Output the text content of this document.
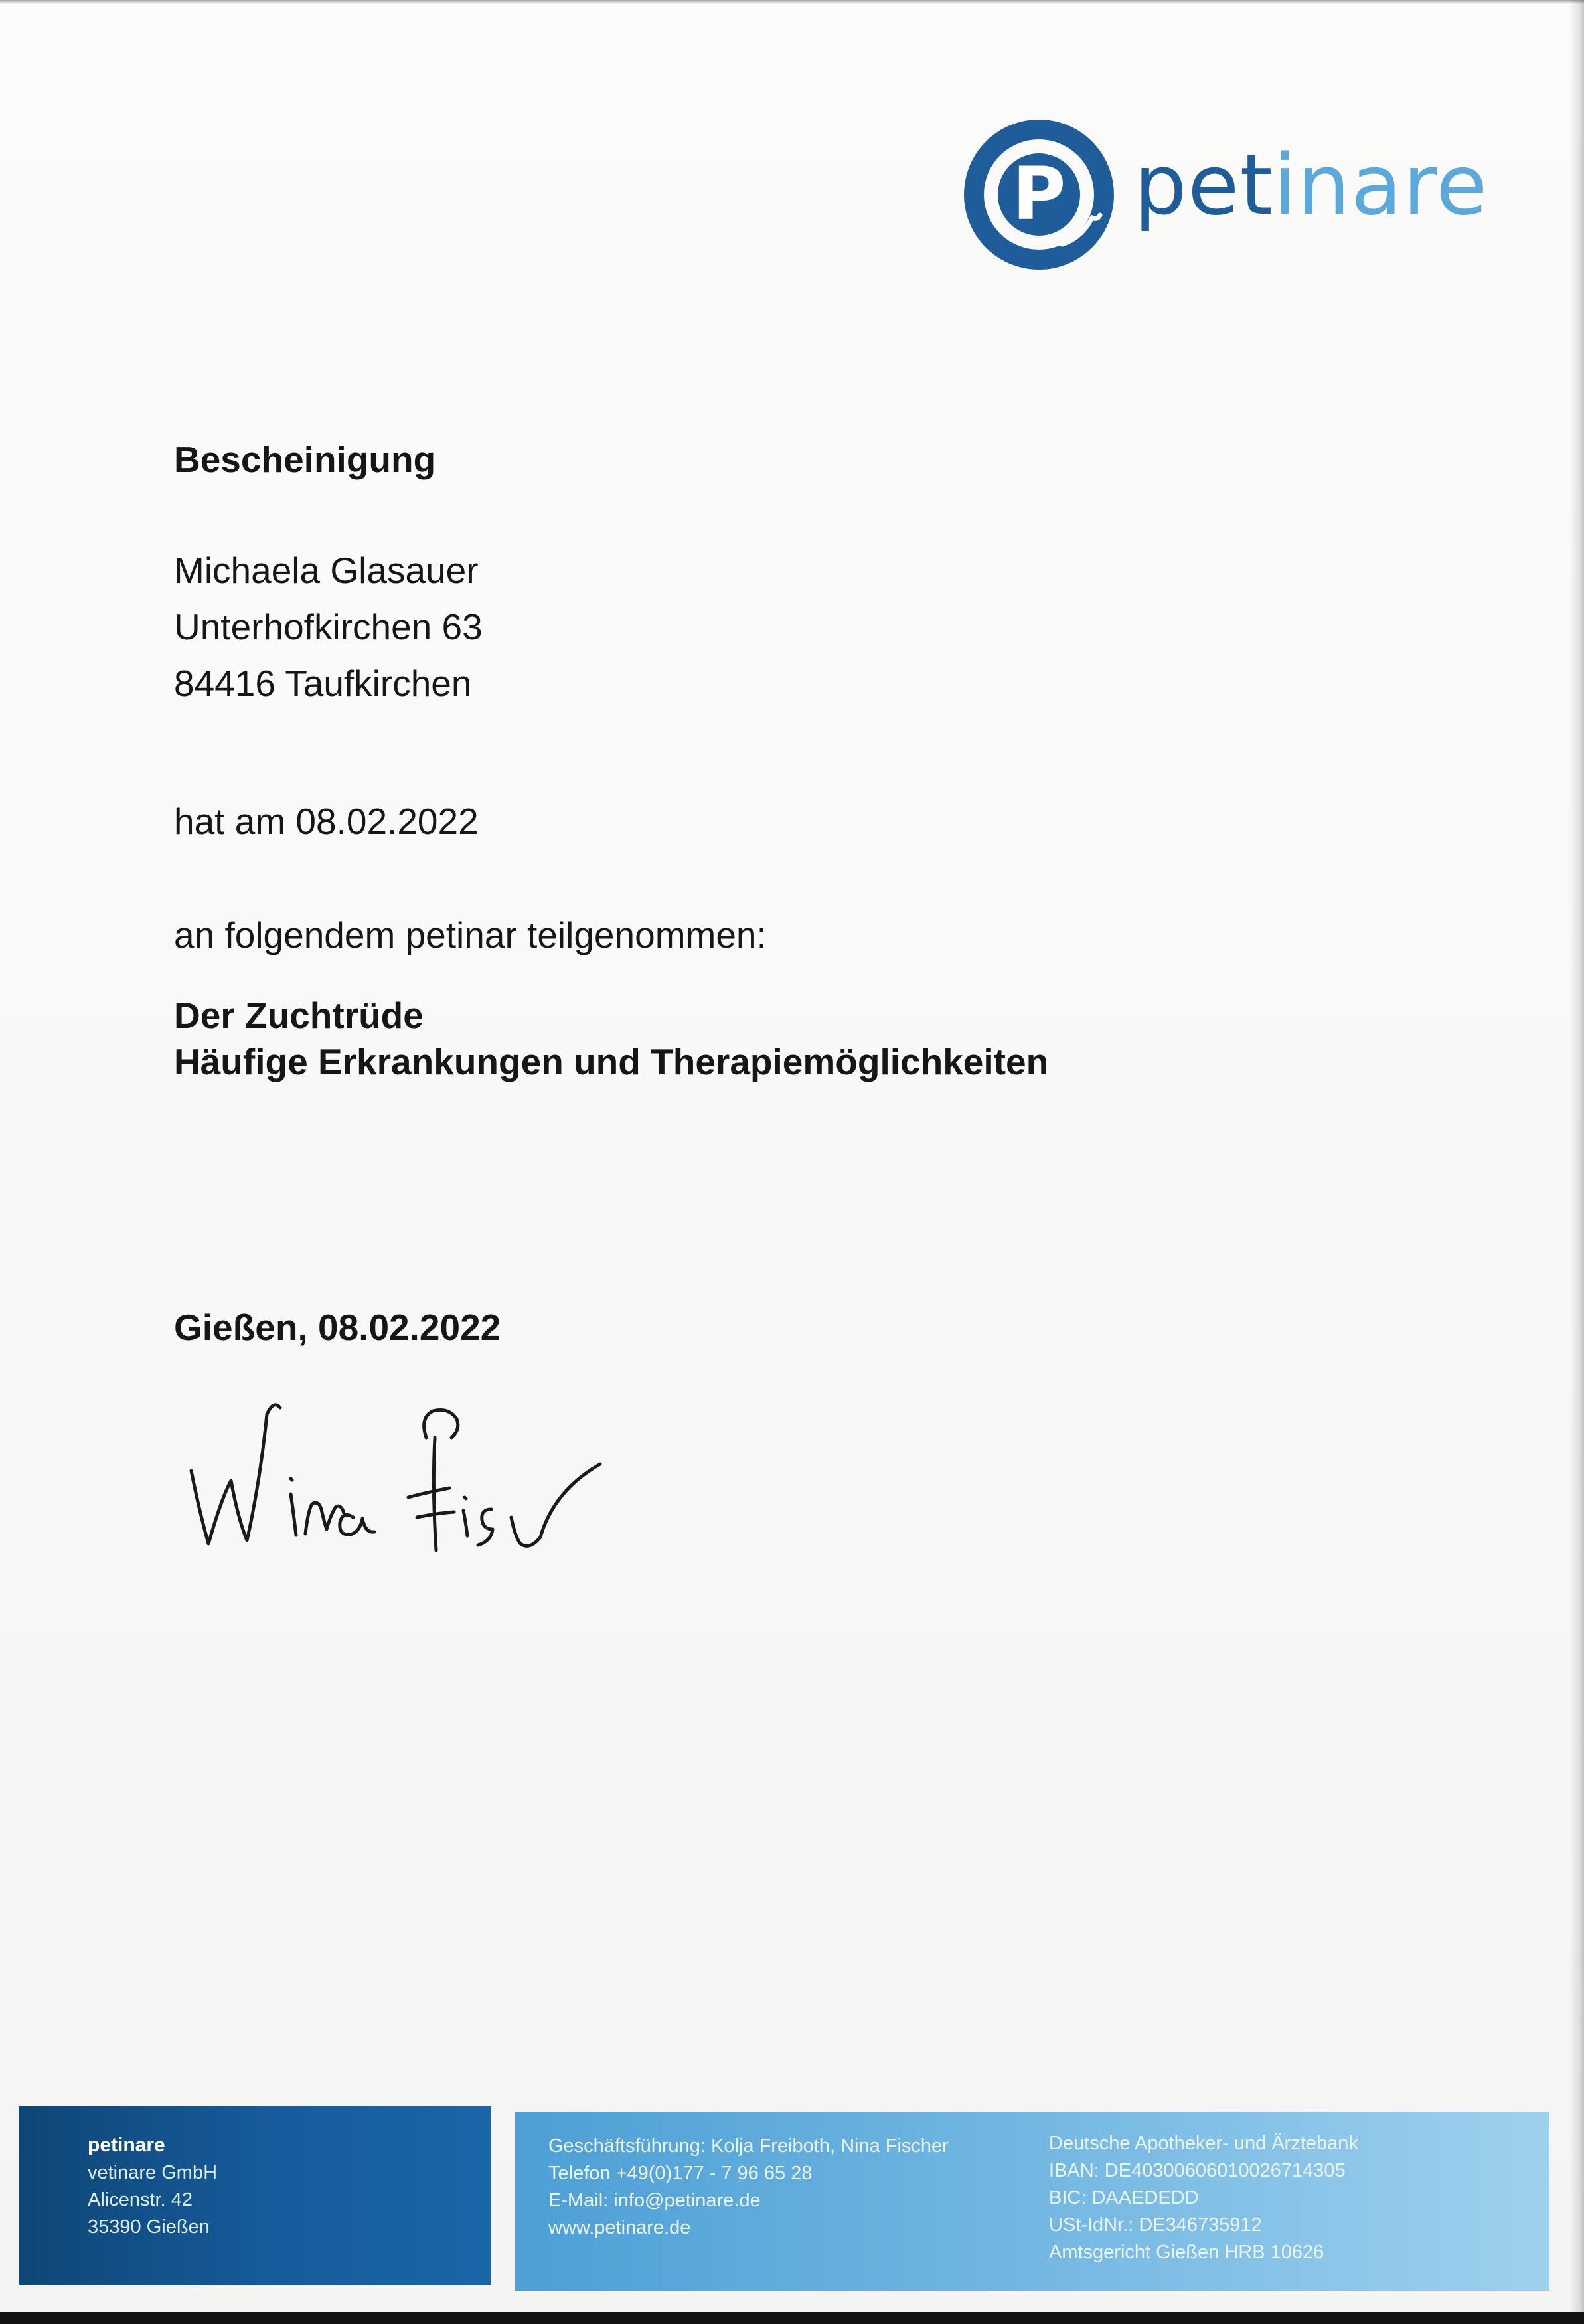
P petinare
Bescheinigung
Michaela Glasauer
Unterhofkirchen 63
84416 Taufkirchen
hat am 08.02.2022
an folgendem petinar teilgenommen:
Der Zuchtrüde
Häufige Erkrankungen und Therapiemöglichkeiten
Gießen, 08.02.2022
petinare
vetinare GmbH
Alicenstr. 42
35390 Gießen
Geschäftsführung: Kolja Freiboth, Nina Fischer
Telefon +49(0)177 - 7 96 65 28
E-Mail: info@petinare.de
www.petinare.de
Deutsche Apotheker- und Ärztebank
IBAN: DE40300606010026714305
BIC: DAAEDEDD
USt-IdNr.: DE346735912
Amtsgericht Gießen HRB 10626
